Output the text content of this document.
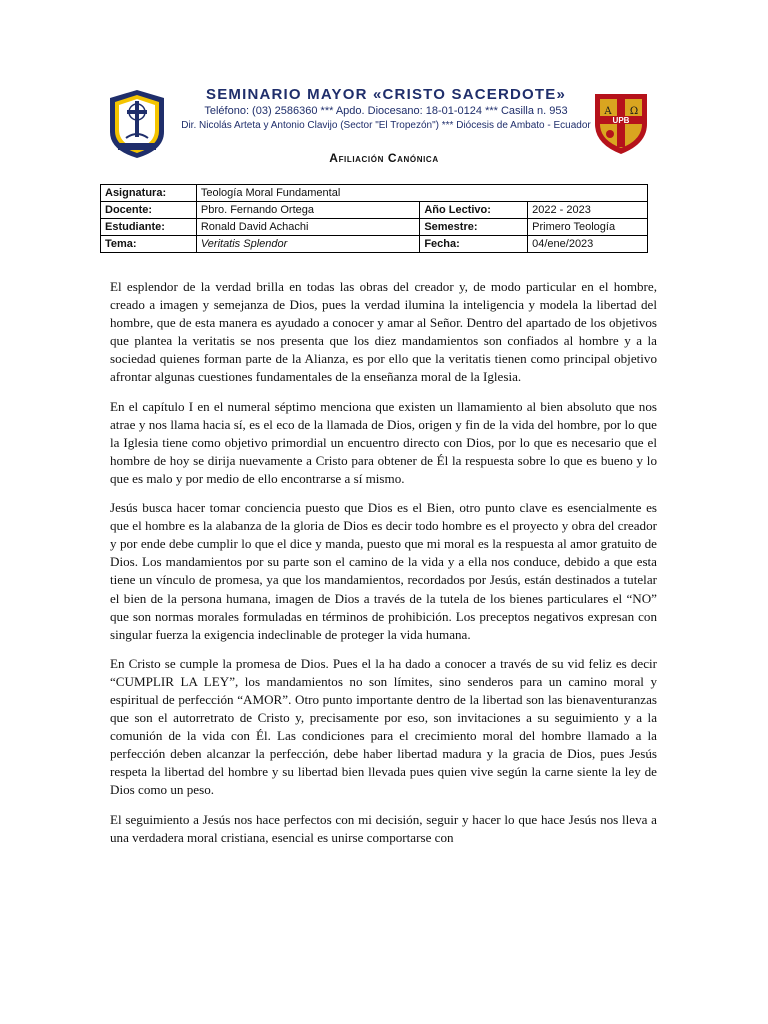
SEMINARIO MAYOR «CRISTO SACERDOTE»
Teléfono: (03) 2586360 *** Apdo. Diocesano: 18-01-0124 *** Casilla n. 953
Dir. Nicolás Arteta y Antonio Clavijo (Sector "El Tropezón") *** Diócesis de Ambato - Ecuador
Α Ω
UPB
Afiliación Canónica
Asignatura:	Teología Moral Fundamental		
Docente:	Pbro. Fernando Ortega	Año Lectivo:	2022 - 2023
Estudiante:	Ronald David Achachi	Semestre:	Primero Teología
Tema:	Veritatis Splendor	Fecha:	04/ene/2023

El esplendor de la verdad brilla en todas las obras del creador y, de modo particular en el hombre, creado a imagen y semejanza de Dios, pues la verdad ilumina la inteligencia y modela la libertad del hombre, que de esta manera es ayudado a conocer y amar al Señor. Dentro del apartado de los objetivos que plantea la veritatis se nos presenta que los diez mandamientos son confiados al hombre y a la sociedad quienes forman parte de la Alianza, es por ello que la veritatis tienen como principal objetivo afrontar algunas cuestiones fundamentales de la enseñanza moral de la Iglesia.

En el capítulo I en el numeral séptimo menciona que existen un llamamiento al bien absoluto que nos atrae y nos llama hacia sí, es el eco de la llamada de Dios, origen y fin de la vida del hombre, por lo que la Iglesia tiene como objetivo primordial un encuentro directo con Dios, por lo que es necesario que el hombre de hoy se dirija nuevamente a Cristo para obtener de Él la respuesta sobre lo que es bueno y lo que es malo y por medio de ello encontrarse a sí mismo.

Jesús busca hacer tomar conciencia puesto que Dios es el Bien, otro punto clave es esencialmente es que el hombre es la alabanza de la gloria de Dios es decir todo hombre es el proyecto y obra del creador y por ende debe cumplir lo que el dice y manda, puesto que mi moral es la respuesta al amor gratuito de Dios. Los mandamientos por su parte son el camino de la vida y a ella nos conduce, debido a que esta tiene un vínculo de promesa, ya que los mandamientos, recordados por Jesús, están destinados a tutelar el bien de la persona humana, imagen de Dios a través de la tutela de los bienes particulares el “NO” que son normas morales formuladas en términos de prohibición. Los preceptos negativos expresan con singular fuerza la exigencia indeclinable de proteger la vida humana.

En Cristo se cumple la promesa de Dios. Pues el la ha dado a conocer a través de su vid feliz es decir “CUMPLIR LA LEY”, los mandamientos no son límites, sino senderos para un camino moral y espiritual de perfección “AMOR”. Otro punto importante dentro de la libertad son las bienaventuranzas que son el autorretrato de Cristo y, precisamente por eso, son invitaciones a su seguimiento y a la comunión de la vida con Él. Las condiciones para el crecimiento moral del hombre llamado a la perfección deben alcanzar la perfección, debe haber libertad madura y la gracia de Dios, pues Jesús respeta la libertad del hombre y su libertad bien llevada pues quien vive según la carne siente la ley de Dios como un peso.

El seguimiento a Jesús nos hace perfectos con mi decisión, seguir y hacer lo que hace Jesús nos lleva a una verdadera moral cristiana, esencial es unirse comportarse con
